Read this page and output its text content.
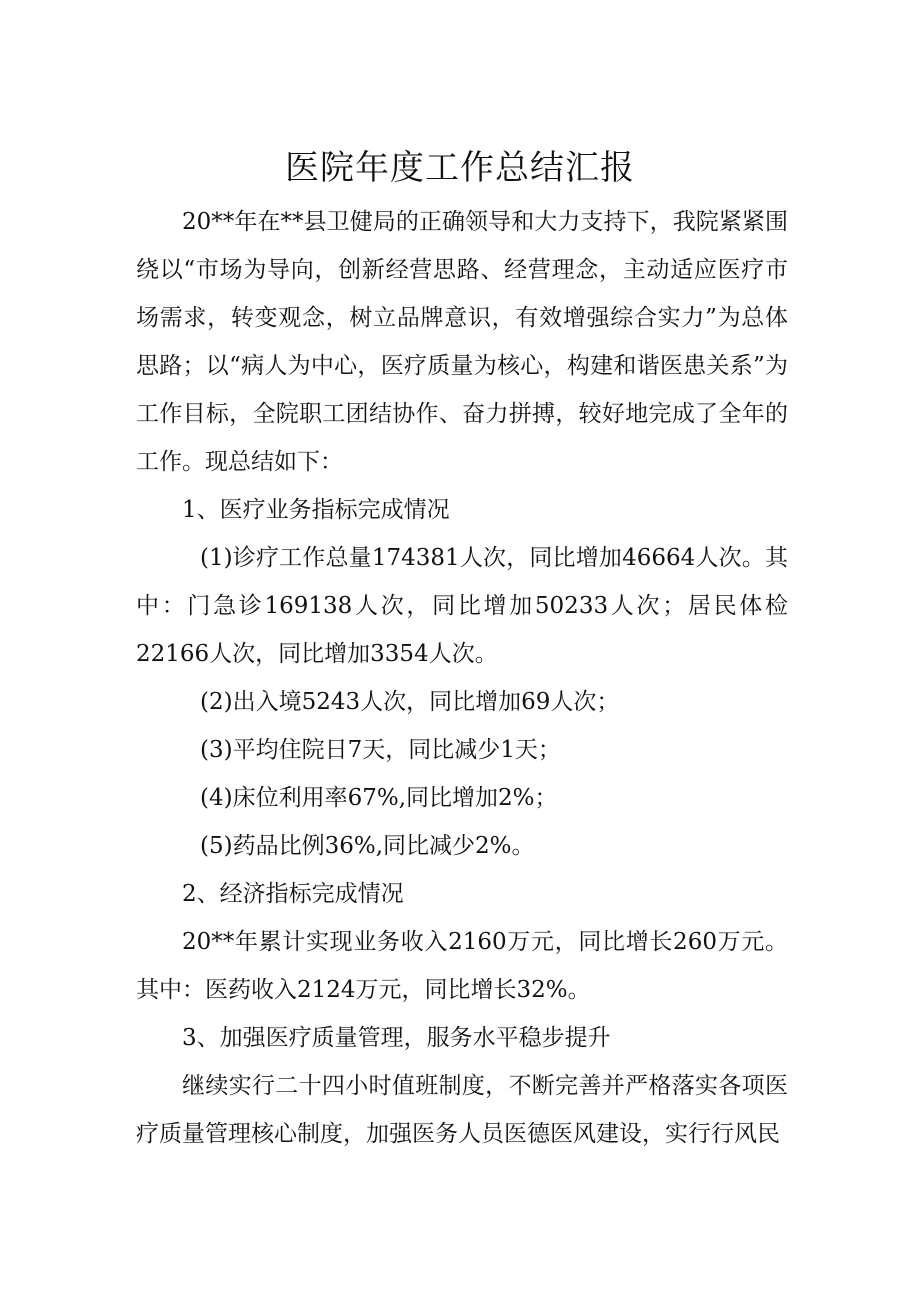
医院年度工作总结汇报

20**年在**县卫健局的正确领导和大力支持下，我院紧紧围绕以“市场为导向，创新经营思路、经营理念，主动适应医疗市场需求，转变观念，树立品牌意识，有效增强综合实力”为总体思路；以“病人为中心，医疗质量为核心，构建和谐医患关系”为工作目标，全院职工团结协作、奋力拼搏，较好地完成了全年的工作。现总结如下：

1、医疗业务指标完成情况

(1)诊疗工作总量174381人次，同比增加46664人次。其中：门急诊169138人次，同比增加50233人次；居民体检22166人次，同比增加3354人次。

(2)出入境5243人次，同比增加69人次；

(3)平均住院日7天，同比减少1天；

(4)床位利用率67%,同比增加2%；

(5)药品比例36%,同比减少2%。

2、经济指标完成情况

20**年累计实现业务收入2160万元，同比增长260万元。其中：医药收入2124万元，同比增长32%。

3、加强医疗质量管理，服务水平稳步提升

继续实行二十四小时值班制度，不断完善并严格落实各项医疗质量管理核心制度，加强医务人员医德医风建设，实行行风民
